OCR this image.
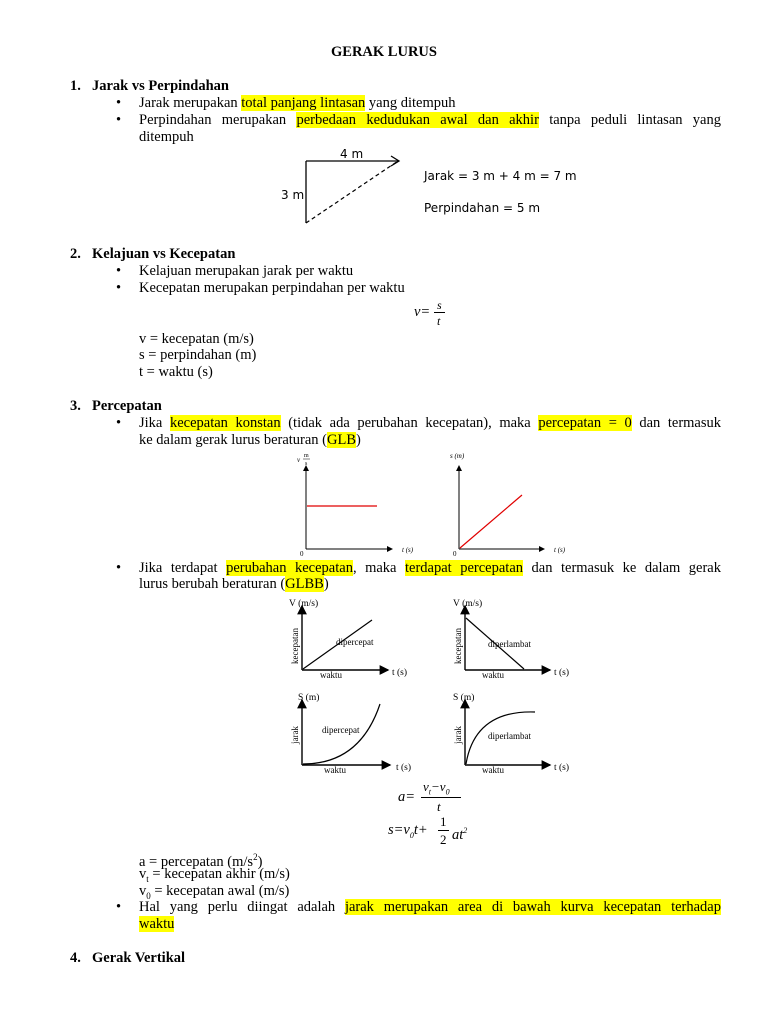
GERAK LURUS
1. Jarak vs Perpindahan
• Jarak merupakan total panjang lintasan yang ditempuh
• Perpindahan merupakan perbedaan kedudukan awal dan akhir tanpa peduli lintasan yang
ditempuh
4 m
3 m
Jarak = 3 m + 4 m = 7 m
Perpindahan = 5 m
2. Kelajuan vs Kecepatan
• Kelajuan merupakan jarak per waktu
• Kecepatan merupakan perpindahan per waktu
v= s
t
v = kecepatan (m/s)
s = perpindahan (m)
t = waktu (s)
3. Percepatan
• Jika kecepatan konstan (tidak ada perubahan kecepatan), maka percepatan = 0 dan termasuk
ke dalam gerak lurus beraturan (GLB)
v m
s
0	t (s)
s (m)
0	t (s)
• Jika terdapat perubahan kecepatan, maka terdapat percepatan dan termasuk ke dalam gerak
lurus berubah beraturan (GLBB)
V (m/s)
kecepatan	dipercepat
t (s)
waktu
V (m/s)
kecepatan	diperlambat
t (s)
waktu
S (m)
jarak dipercepat
t (s)
waktu
S (m)
jarak	diperlambat
t (s)
waktu
a=
$v_t-v_0$
t
$s=v_0t+$
1
2 $at^2$
a = percepatan $(m/s^2)$
$v_t$ = kecepatan akhir (m/s)
$v_0$ = kecepatan awal (m/s)
• Hal yang perlu diingat adalah jarak merupakan area di bawah kurva kecepatan terhadap
waktu
4. Gerak Vertikal
